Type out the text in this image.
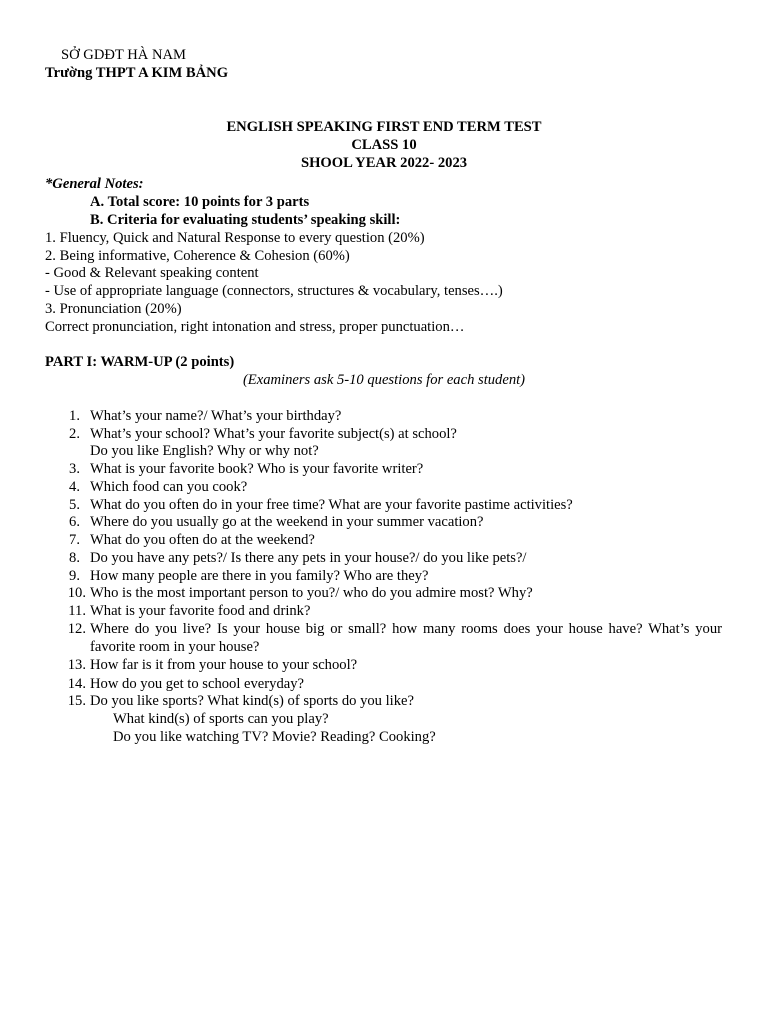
SỞ GDĐT HÀ NAM
Trường THPT A KIM BẢNG
ENGLISH SPEAKING FIRST END TERM TEST
CLASS 10
SHOOL YEAR 2022- 2023
*General Notes:
A. Total score: 10 points for 3 parts
B. Criteria for evaluating students’ speaking skill:
1. Fluency, Quick and Natural Response to every question (20%)
2. Being informative, Coherence & Cohesion (60%)
- Good & Relevant speaking content
- Use of appropriate language (connectors, structures & vocabulary, tenses….)
3. Pronunciation (20%)
Correct pronunciation, right intonation and stress, proper punctuation…
PART I: WARM-UP (2 points)
(Examiners ask 5-10 questions for each student)
1. What’s your name?/ What’s your birthday?
2. What’s your school? What’s your favorite subject(s) at school?
Do you like English? Why or why not?
3. What is your favorite book? Who is your favorite writer?
4. Which food can you cook?
5. What do you often do in your free time? What are your favorite pastime activities?
6. Where do you usually go at the weekend in your summer vacation?
7. What do you often do at the weekend?
8. Do you have any pets?/ Is there any pets in your house?/ do you like pets?/
9. How many people are there in you family? Who are they?
10. Who is the most important person to you?/ who do you admire most? Why?
11. What is your favorite food and drink?
12. Where do you live? Is your house big or small? how many rooms does your house have? What’s your
favorite room in your house?
13. How far is it from your house to your school?
14. How do you get to school everyday?
15. Do you like sports? What kind(s) of sports do you like?
What kind(s) of sports can you play?
Do you like watching TV? Movie? Reading? Cooking?
